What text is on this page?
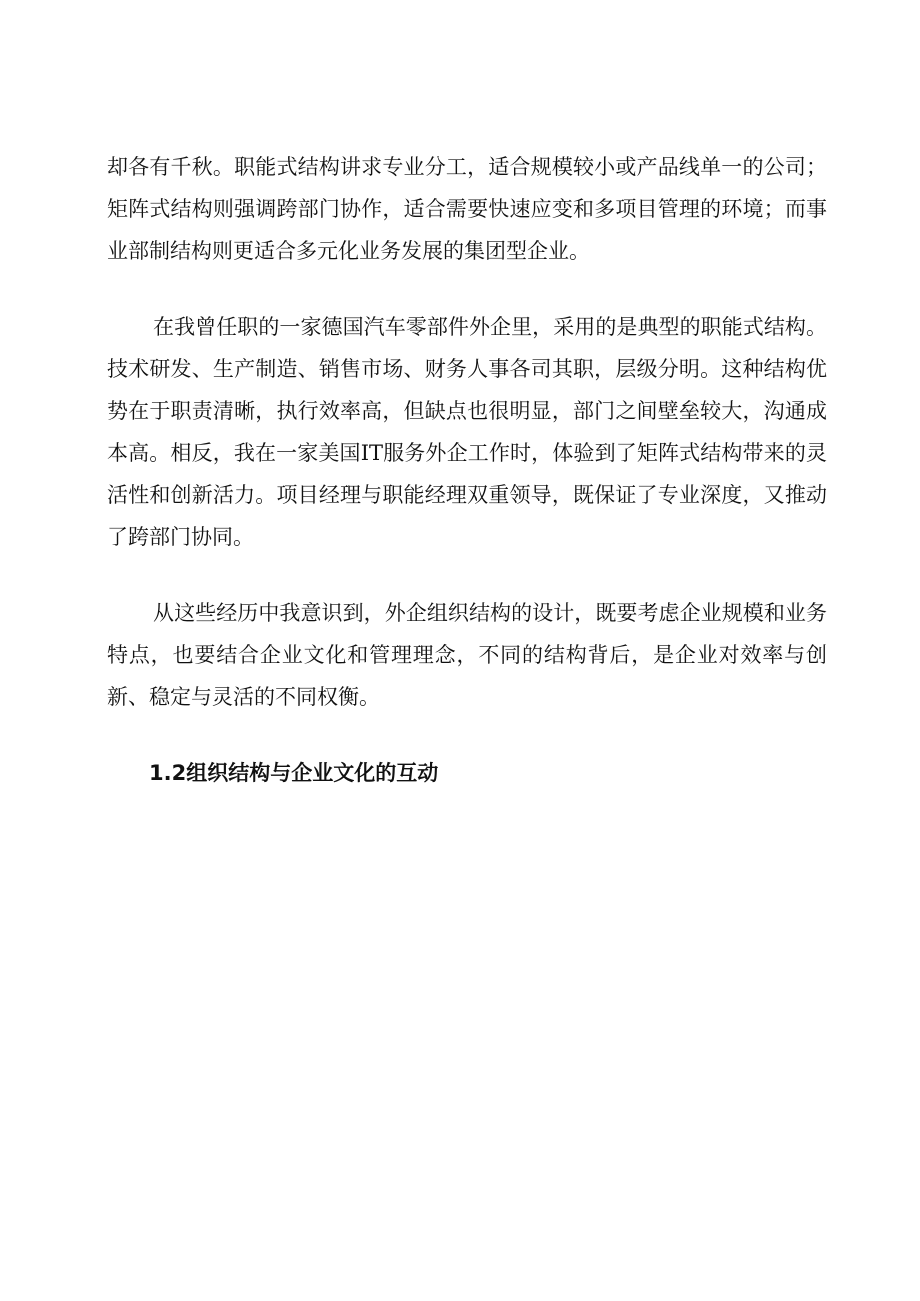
却各有千秋。职能式结构讲求专业分工，适合规模较小或产品线单一的公司；矩阵式结构则强调跨部门协作，适合需要快速应变和多项目管理的环境；而事业部制结构则更适合多元化业务发展的集团型企业。

在我曾任职的一家德国汽车零部件外企里，采用的是典型的职能式结构。技术研发、生产制造、销售市场、财务人事各司其职，层级分明。这种结构优势在于职责清晰，执行效率高，但缺点也很明显，部门之间壁垒较大，沟通成本高。相反，我在一家美国IT服务外企工作时，体验到了矩阵式结构带来的灵活性和创新活力。项目经理与职能经理双重领导，既保证了专业深度，又推动了跨部门协同。

从这些经历中我意识到，外企组织结构的设计，既要考虑企业规模和业务特点，也要结合企业文化和管理理念，不同的结构背后，是企业对效率与创新、稳定与灵活的不同权衡。

1.2组织结构与企业文化的互动
